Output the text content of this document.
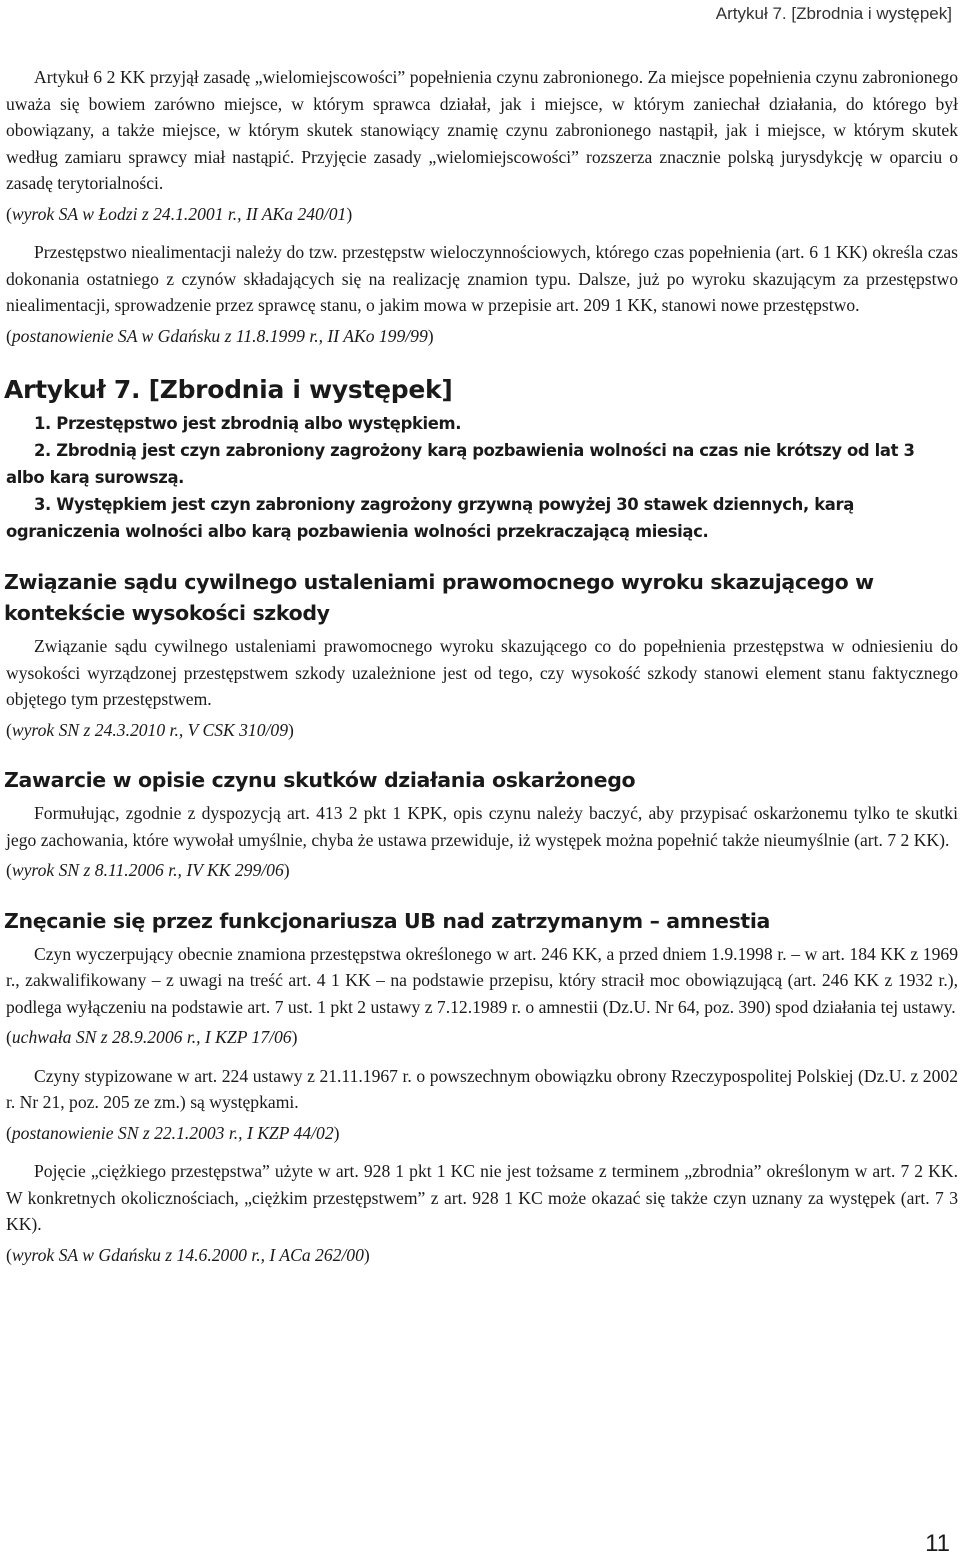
Artykuł 7. [Zbrodnia i występek]

Artykuł 6 2 KK przyjął zasadę „wielomiejscowości” popełnienia czynu zabronionego. Za miejsce popełnienia czynu zabronionego uważa się bowiem zarówno miejsce, w którym sprawca działał, jak i miejsce, w którym zaniechał działania, do którego był obowiązany, a także miejsce, w którym skutek stanowiący znamię czynu zabronionego nastąpił, jak i miejsce, w którym skutek według zamiaru sprawcy miał nastąpić. Przyjęcie zasady „wielomiejscowości” rozszerza znacznie polską jurysdykcję w oparciu o zasadę terytorialności.

(wyrok SA w Łodzi z 24.1.2001 r., II AKa 240/01)

Przestępstwo niealimentacji należy do tzw. przestępstw wieloczynnościowych, którego czas popełnienia (art. 6 1 KK) określa czas dokonania ostatniego z czynów składających się na realizację znamion typu. Dalsze, już po wyroku skazującym za przestępstwo niealimentacji, sprowadzenie przez sprawcę stanu, o jakim mowa w przepisie art. 209 1 KK, stanowi nowe przestępstwo.

(postanowienie SA w Gdańsku z 11.8.1999 r., II AKo 199/99)

Artykuł 7. [Zbrodnia i występek]

1. Przestępstwo jest zbrodnią albo występkiem.

2. Zbrodnią jest czyn zabroniony zagrożony karą pozbawienia wolności na czas nie krótszy od lat 3 albo karą surowszą.

3. Występkiem jest czyn zabroniony zagrożony grzywną powyżej 30 stawek dziennych, karą ograniczenia wolności albo karą pozbawienia wolności przekraczającą miesiąc.

Związanie sądu cywilnego ustaleniami prawomocnego wyroku skazującego w kontekście wysokości szkody

Związanie sądu cywilnego ustaleniami prawomocnego wyroku skazującego co do popełnienia przestępstwa w odniesieniu do wysokości wyrządzonej przestępstwem szkody uzależnione jest od tego, czy wysokość szkody stanowi element stanu faktycznego objętego tym przestępstwem.

(wyrok SN z 24.3.2010 r., V CSK 310/09)

Zawarcie w opisie czynu skutków działania oskarżonego

Formułując, zgodnie z dyspozycją art. 413 2 pkt 1 KPK, opis czynu należy baczyć, aby przypisać oskarżonemu tylko te skutki jego zachowania, które wywołał umyślnie, chyba że ustawa przewiduje, iż występek można popełnić także nieumyślnie (art. 7 2 KK).

(wyrok SN z 8.11.2006 r., IV KK 299/06)

Znęcanie się przez funkcjonariusza UB nad zatrzymanym – amnestia

Czyn wyczerpujący obecnie znamiona przestępstwa określonego w art. 246 KK, a przed dniem 1.9.1998 r. – w art. 184 KK z 1969 r., zakwalifikowany – z uwagi na treść art. 4 1 KK – na podstawie przepisu, który stracił moc obowiązującą (art. 246 KK z 1932 r.), podlega wyłączeniu na podstawie art. 7 ust. 1 pkt 2 ustawy z 7.12.1989 r. o amnestii (Dz.U. Nr 64, poz. 390) spod działania tej ustawy.

(uchwała SN z 28.9.2006 r., I KZP 17/06)

Czyny stypizowane w art. 224 ustawy z 21.11.1967 r. o powszechnym obowiązku obrony Rzeczypospolitej Polskiej (Dz.U. z 2002 r. Nr 21, poz. 205 ze zm.) są występkami.

(postanowienie SN z 22.1.2003 r., I KZP 44/02)

Pojęcie „ciężkiego przestępstwa” użyte w art. 928 1 pkt 1 KC nie jest tożsame z terminem „zbrodnia” określonym w art. 7 2 KK. W konkretnych okolicznościach, „ciężkim przestępstwem” z art. 928 1 KC może okazać się także czyn uznany za występek (art. 7 3 KK).

(wyrok SA w Gdańsku z 14.6.2000 r., I ACa 262/00)

11
